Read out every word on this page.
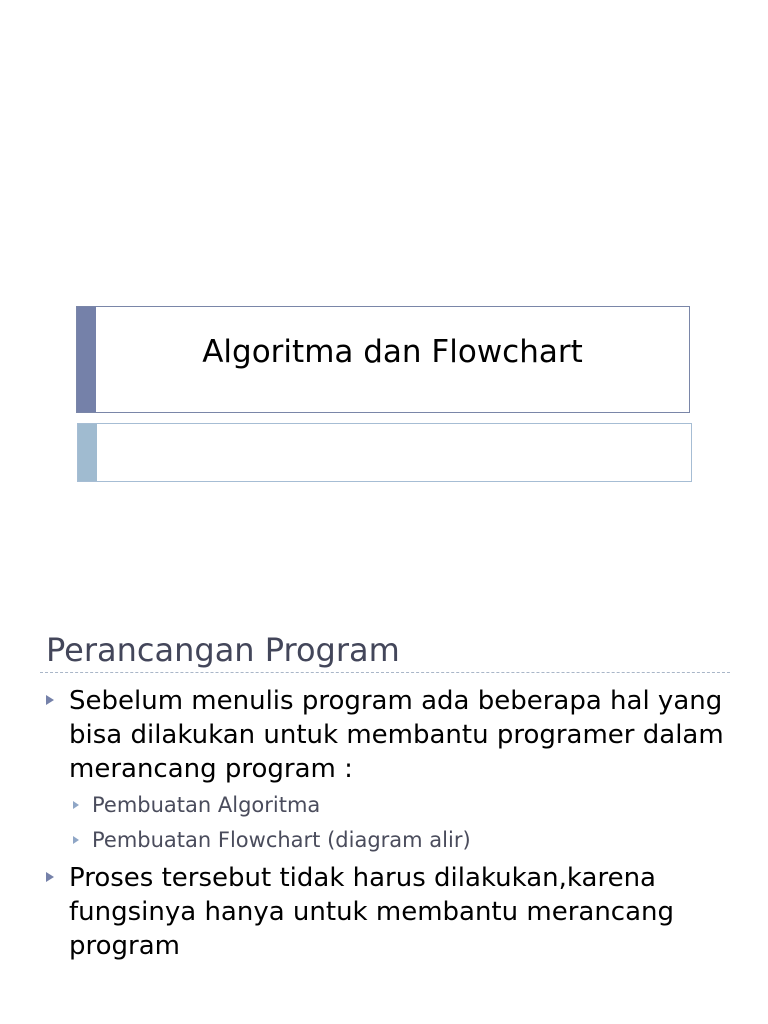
Algoritma dan Flowchart
Perancangan Program
Sebelum menulis program ada beberapa hal yang bisa dilakukan untuk membantu programer dalam merancang program :
Pembuatan Algoritma
Pembuatan Flowchart (diagram alir)
Proses tersebut tidak harus dilakukan,karena fungsinya hanya untuk membantu merancang program
